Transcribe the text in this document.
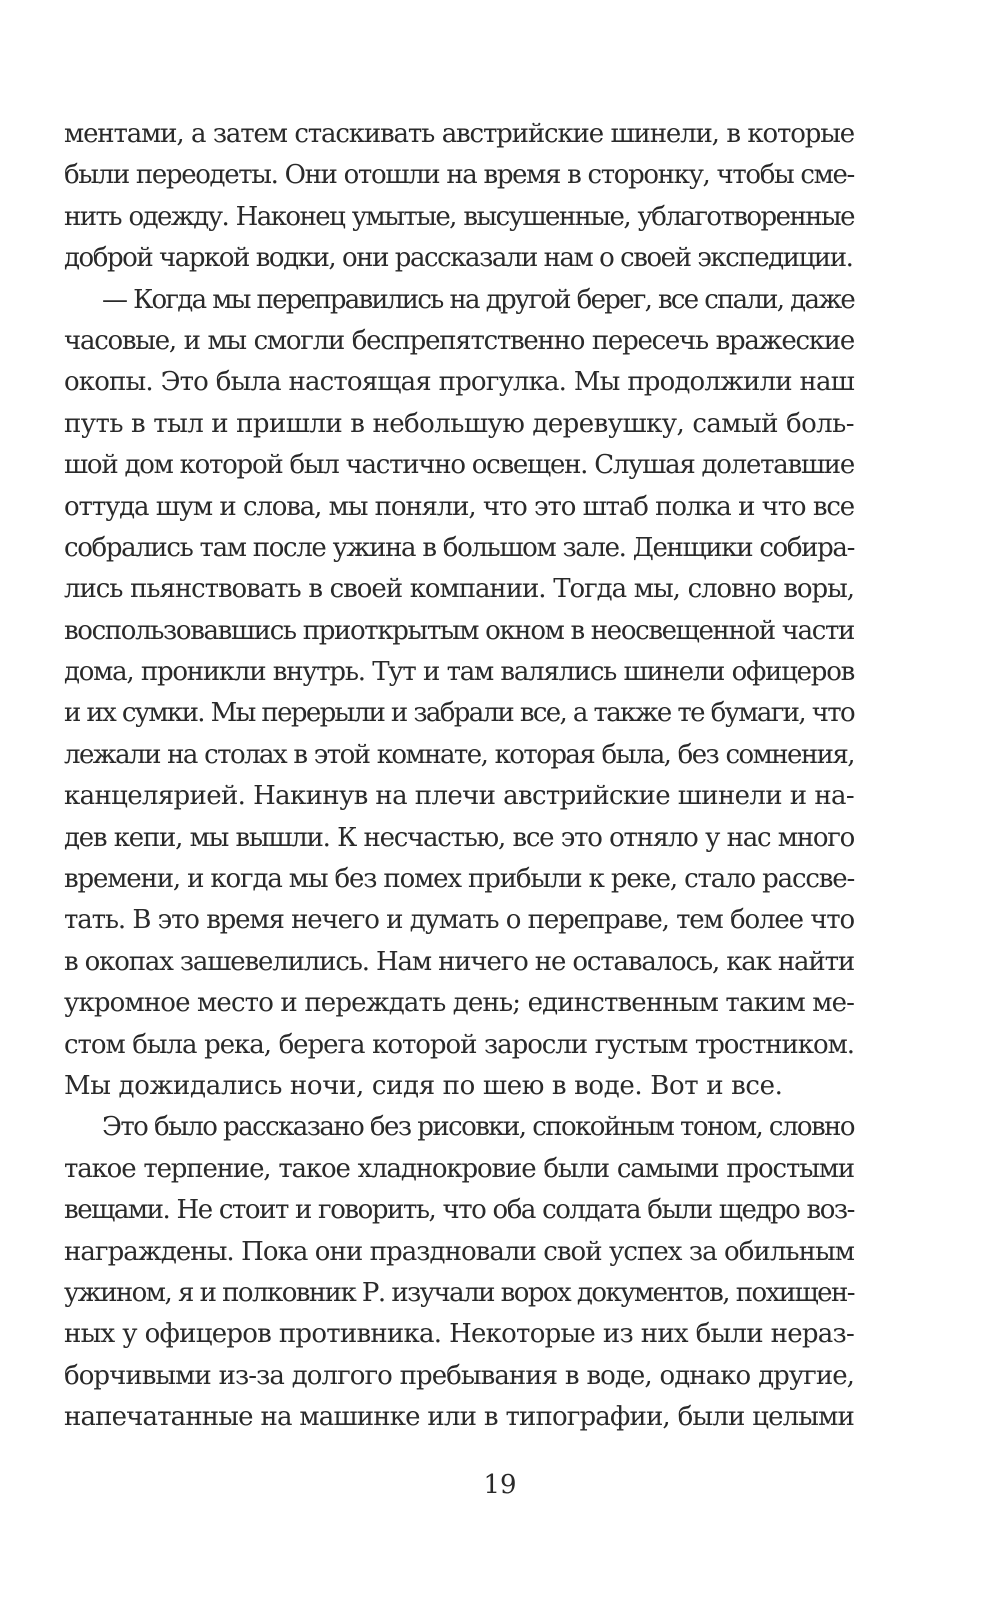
ментами, а затем стаскивать австрийские шинели, в которые
были переодеты. Они отошли на время в сторонку, чтобы сме-
нить одежду. Наконец умытые, высушенные, ублаготворенные
доброй чаркой водки, они рассказали нам о своей экспедиции.
— Когда мы переправились на другой берег, все спали, даже
часовые, и мы смогли беспрепятственно пересечь вражеские
окопы. Это была настоящая прогулка. Мы продолжили наш
путь в тыл и пришли в небольшую деревушку, самый боль-
шой дом которой был частично освещен. Слушая долетавшие
оттуда шум и слова, мы поняли, что это штаб полка и что все
собрались там после ужина в большом зале. Денщики собира-
лись пьянствовать в своей компании. Тогда мы, словно воры,
воспользовавшись приоткрытым окном в неосвещенной части
дома, проникли внутрь. Тут и там валялись шинели офицеров
и их сумки. Мы перерыли и забрали все, а также те бумаги, что
лежали на столах в этой комнате, которая была, без сомнения,
канцелярией. Накинув на плечи австрийские шинели и на-
дев кепи, мы вышли. К несчастью, все это отняло у нас много
времени, и когда мы без помех прибыли к реке, стало рассве-
тать. В это время нечего и думать о переправе, тем более что
в окопах зашевелились. Нам ничего не оставалось, как найти
укромное место и переждать день; единственным таким ме-
стом была река, берега которой заросли густым тростником.
Мы дожидались ночи, сидя по шею в воде. Вот и все.
Это было рассказано без рисовки, спокойным тоном, словно
такое терпение, такое хладнокровие были самыми простыми
вещами. Не стоит и говорить, что оба солдата были щедро воз-
награждены. Пока они праздновали свой успех за обильным
ужином, я и полковник Р. изучали ворох документов, похищен-
ных у офицеров противника. Некоторые из них были нераз-
борчивыми из-за долгого пребывания в воде, однако другие,
напечатанные на машинке или в типографии, были целыми
19
